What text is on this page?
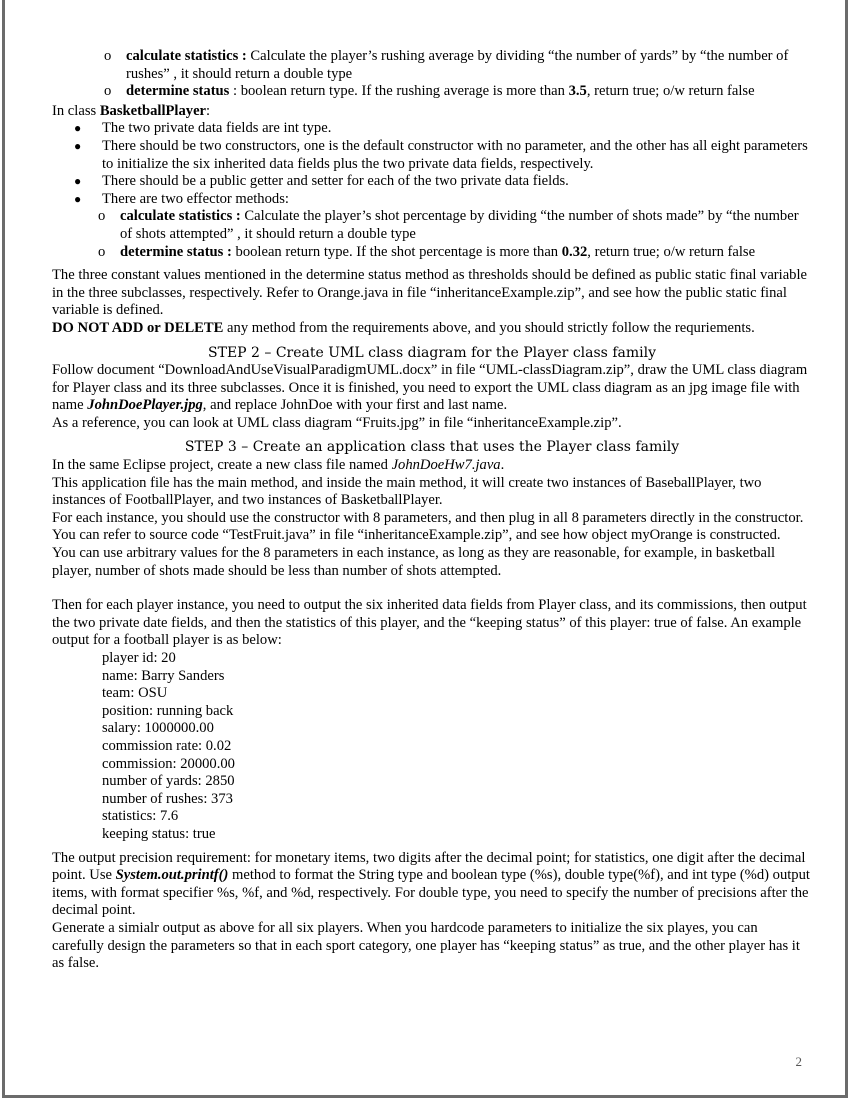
o calculate statistics : Calculate the player’s rushing average by dividing “the number of yards” by “the number of rushes” , it should return a double type

o determine status : boolean return type. If the rushing average is more than 3.5, return true; o/w return false

In class BasketballPlayer:

● The two private data fields are int type.

● There should be two constructors, one is the default constructor with no parameter, and the other has all eight parameters to initialize the six inherited data fields plus the two private data fields, respectively.

● There should be a public getter and setter for each of the two private data fields.

● There are two effector methods:

o calculate statistics : Calculate the player’s shot percentage by dividing “the number of shots made” by “the number of shots attempted” , it should return a double type

o determine status : boolean return type. If the shot percentage is more than 0.32, return true; o/w return false

The three constant values mentioned in the determine status method as thresholds should be defined as public static final variable in the three subclasses, respectively. Refer to Orange.java in file “inheritanceExample.zip”, and see how the public static final variable is defined.

DO NOT ADD or DELETE any method from the requirements above, and you should strictly follow the requriements.

STEP 2 – Create UML class diagram for the Player class family

Follow document “DownloadAndUseVisualParadigmUML.docx” in file “UML-classDiagram.zip”, draw the UML class diagram for Player class and its three subclasses. Once it is finished, you need to export the UML class diagram as an jpg image file with name JohnDoePlayer.jpg, and replace JohnDoe with your first and last name.

As a reference, you can look at UML class diagram “Fruits.jpg” in file “inheritanceExample.zip”.

STEP 3 – Create an application class that uses the Player class family

In the same Eclipse project, create a new class file named JohnDoeHw7.java.

This application file has the main method, and inside the main method, it will create two instances of BaseballPlayer, two instances of FootballPlayer, and two instances of BasketballPlayer.

For each instance, you should use the constructor with 8 parameters, and then plug in all 8 parameters directly in the constructor. You can refer to source code “TestFruit.java” in file “inheritanceExample.zip”, and see how object myOrange is constructed.

You can use arbitrary values for the 8 parameters in each instance, as long as they are reasonable, for example, in basketball player, number of shots made should be less than number of shots attempted.

Then for each player instance, you need to output the six inherited data fields from Player class, and its commissions, then output the two private date fields, and then the statistics of this player, and the “keeping status” of this player: true of false. An example output for a football player is as below:

player id: 20

name: Barry Sanders

team: OSU

position: running back

salary: 1000000.00

commission rate: 0.02

commission: 20000.00

number of yards: 2850

number of rushes: 373

statistics: 7.6

keeping status: true

The output precision requirement: for monetary items, two digits after the decimal point; for statistics, one digit after the decimal point. Use System.out.printf() method to format the String type and boolean type (%s), double type(%f), and int type (%d) output items, with format specifier %s, %f, and %d, respectively. For double type, you need to specify the number of precisions after the decimal point.

Generate a simialr output as above for all six players. When you hardcode parameters to initialize the six playes, you can carefully design the parameters so that in each sport category, one player has “keeping status” as true, and the other player has it as false.

2
